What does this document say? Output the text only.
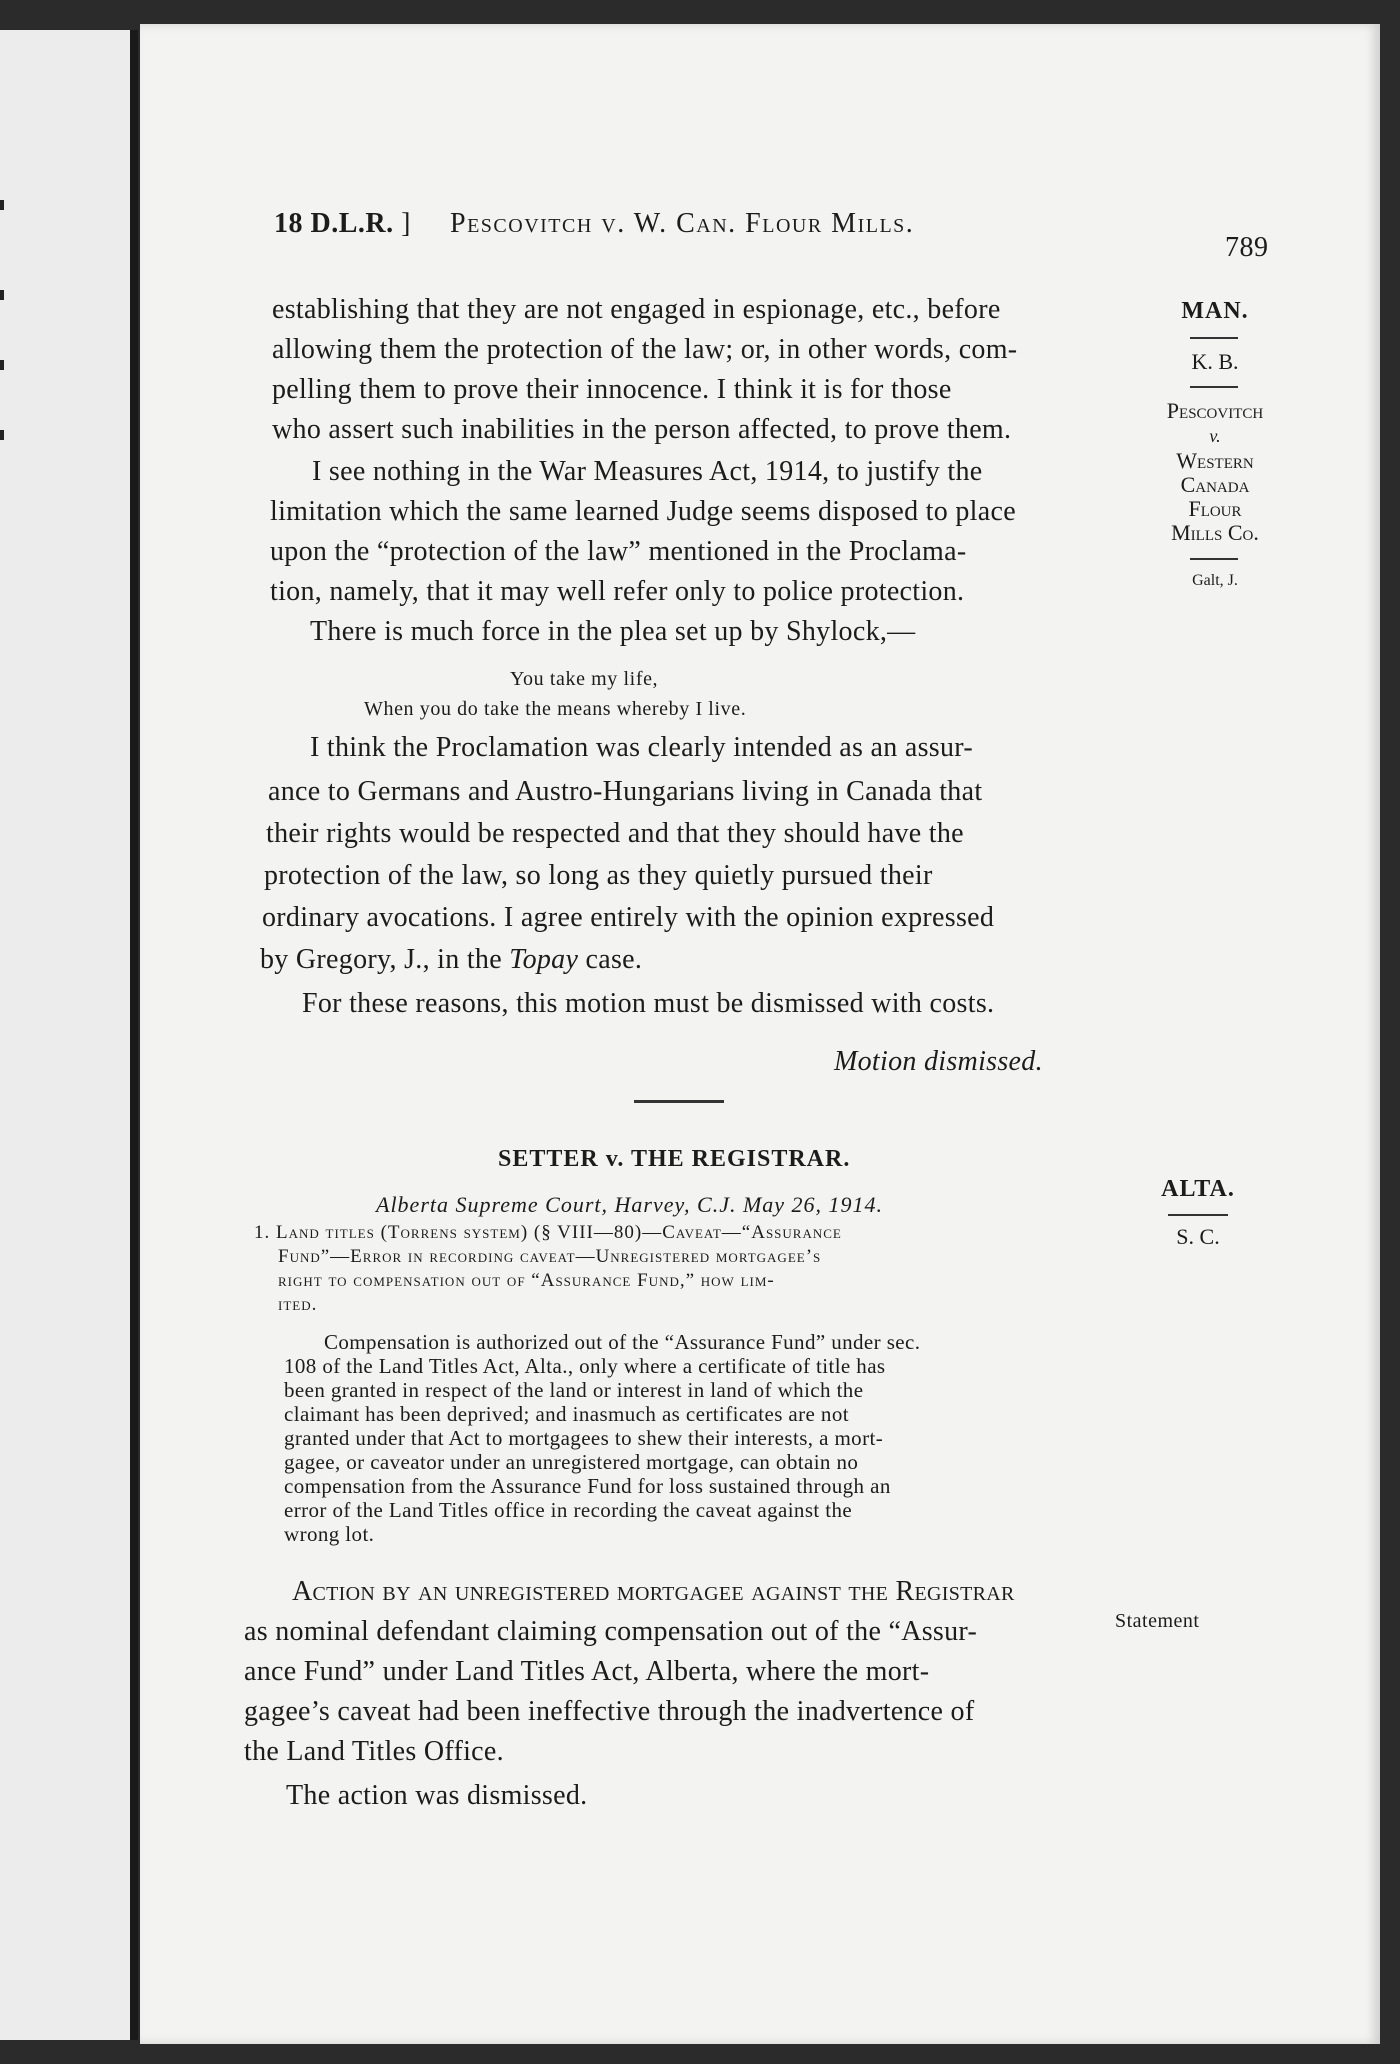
18 D.L.R. ] Pescovitch v. W. Can. Flour Mills.
789
MAN.
K. B.
Pescovitch
v.
Western
Canada
Flour
Mills Co.
Galt, J.
establishing that they are not engaged in espionage, etc., before
allowing them the protection of the law; or, in other words, com-
pelling them to prove their innocence. I think it is for those
who assert such inabilities in the person affected, to prove them.
I see nothing in the War Measures Act, 1914, to justify the
limitation which the same learned Judge seems disposed to place
upon the “protection of the law” mentioned in the Proclama-
tion, namely, that it may well refer only to police protection.
There is much force in the plea set up by Shylock,—
You take my life,
When you do take the means whereby I live.
I think the Proclamation was clearly intended as an assur-
ance to Germans and Austro-Hungarians living in Canada that
their rights would be respected and that they should have the
protection of the law, so long as they quietly pursued their
ordinary avocations. I agree entirely with the opinion expressed
by Gregory, J., in the Topay case.
For these reasons, this motion must be dismissed with costs.
Motion dismissed.
SETTER v. THE REGISTRAR.
Alberta Supreme Court, Harvey, C.J. May 26, 1914.
ALTA.
S. C.
1. Land titles (Torrens system) (§ VIII—80)—Caveat—“Assurance
Fund”—Error in recording caveat—Unregistered mortgagee’s
right to compensation out of “Assurance Fund,” how lim-
ited.
Compensation is authorized out of the “Assurance Fund” under sec.
108 of the Land Titles Act, Alta., only where a certificate of title has
been granted in respect of the land or interest in land of which the
claimant has been deprived; and inasmuch as certificates are not
granted under that Act to mortgagees to shew their interests, a mort-
gagee, or caveator under an unregistered mortgage, can obtain no
compensation from the Assurance Fund for loss sustained through an
error of the Land Titles office in recording the caveat against the
wrong lot.
Statement
Action by an unregistered mortgagee against the Registrar
as nominal defendant claiming compensation out of the “Assur-
ance Fund” under Land Titles Act, Alberta, where the mort-
gagee’s caveat had been ineffective through the inadvertence of
the Land Titles Office.
The action was dismissed.
